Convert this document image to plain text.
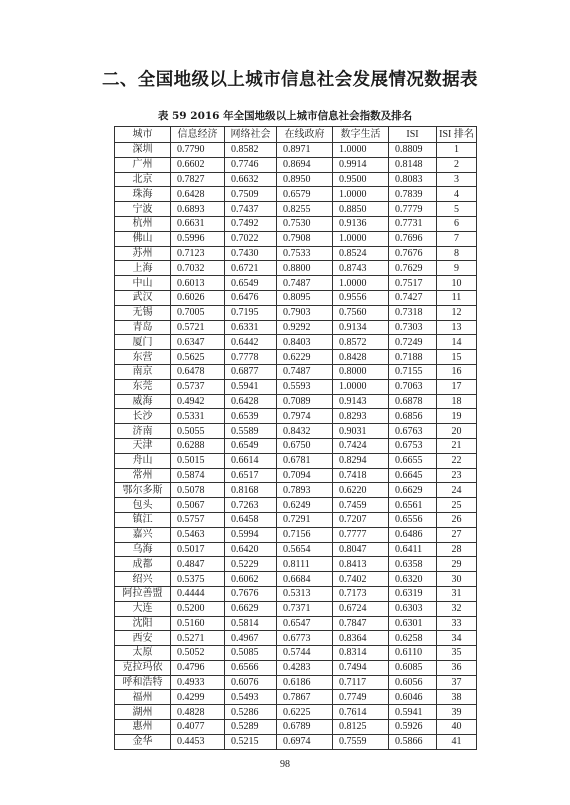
二、全国地级以上城市信息社会发展情况数据表
表 59 2016 年全国地级以上城市信息社会指数及排名
城市	信息经济	网络社会	在线政府	数字生活	ISI	ISI 排名
深圳	0.7790	0.8582	0.8971	1.0000	0.8809	1
广州	0.6602	0.7746	0.8694	0.9914	0.8148	2
北京	0.7827	0.6632	0.8950	0.9500	0.8083	3
珠海	0.6428	0.7509	0.6579	1.0000	0.7839	4
宁波	0.6893	0.7437	0.8255	0.8850	0.7779	5
杭州	0.6631	0.7492	0.7530	0.9136	0.7731	6
佛山	0.5996	0.7022	0.7908	1.0000	0.7696	7
苏州	0.7123	0.7430	0.7533	0.8524	0.7676	8
上海	0.7032	0.6721	0.8800	0.8743	0.7629	9
中山	0.6013	0.6549	0.7487	1.0000	0.7517	10
武汉	0.6026	0.6476	0.8095	0.9556	0.7427	11
无锡	0.7005	0.7195	0.7903	0.7560	0.7318	12
青岛	0.5721	0.6331	0.9292	0.9134	0.7303	13
厦门	0.6347	0.6442	0.8403	0.8572	0.7249	14
东营	0.5625	0.7778	0.6229	0.8428	0.7188	15
南京	0.6478	0.6877	0.7487	0.8000	0.7155	16
东莞	0.5737	0.5941	0.5593	1.0000	0.7063	17
威海	0.4942	0.6428	0.7089	0.9143	0.6878	18
长沙	0.5331	0.6539	0.7974	0.8293	0.6856	19
济南	0.5055	0.5589	0.8432	0.9031	0.6763	20
天津	0.6288	0.6549	0.6750	0.7424	0.6753	21
舟山	0.5015	0.6614	0.6781	0.8294	0.6655	22
常州	0.5874	0.6517	0.7094	0.7418	0.6645	23
鄂尔多斯	0.5078	0.8168	0.7893	0.6220	0.6629	24
包头	0.5067	0.7263	0.6249	0.7459	0.6561	25
镇江	0.5757	0.6458	0.7291	0.7207	0.6556	26
嘉兴	0.5463	0.5994	0.7156	0.7777	0.6486	27
乌海	0.5017	0.6420	0.5654	0.8047	0.6411	28
成都	0.4847	0.5229	0.8111	0.8413	0.6358	29
绍兴	0.5375	0.6062	0.6684	0.7402	0.6320	30
阿拉善盟	0.4444	0.7676	0.5313	0.7173	0.6319	31
大连	0.5200	0.6629	0.7371	0.6724	0.6303	32
沈阳	0.5160	0.5814	0.6547	0.7847	0.6301	33
西安	0.5271	0.4967	0.6773	0.8364	0.6258	34
太原	0.5052	0.5085	0.5744	0.8314	0.6110	35
克拉玛依	0.4796	0.6566	0.4283	0.7494	0.6085	36
呼和浩特	0.4933	0.6076	0.6186	0.7117	0.6056	37
福州	0.4299	0.5493	0.7867	0.7749	0.6046	38
湖州	0.4828	0.5286	0.6225	0.7614	0.5941	39
惠州	0.4077	0.5289	0.6789	0.8125	0.5926	40
金华	0.4453	0.5215	0.6974	0.7559	0.5866	41
98
